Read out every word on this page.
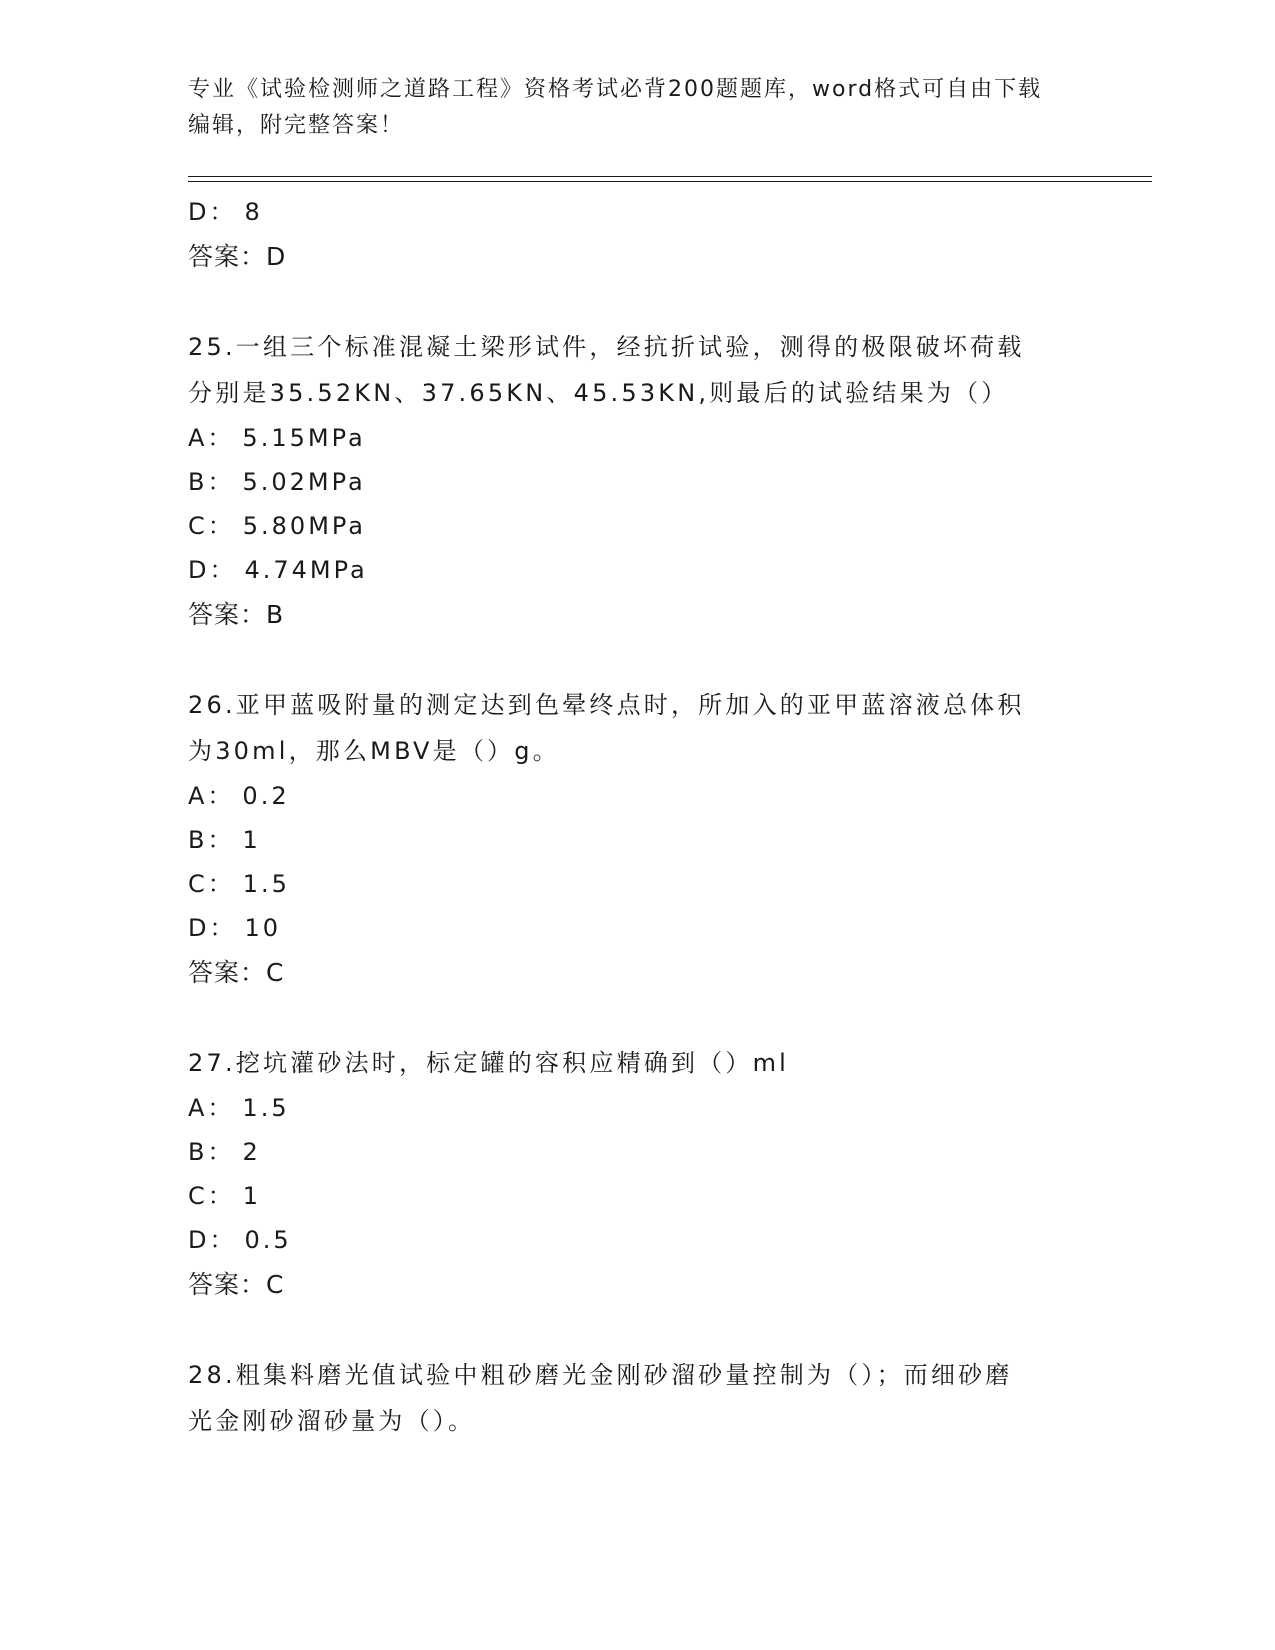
专业《试验检测师之道路工程》资格考试必背200题题库，word格式可自由下载
编辑，附完整答案！
D： 8
答案：D
25.一组三个标准混凝土梁形试件，经抗折试验，测得的极限破坏荷载
分别是35.52KN、37.65KN、45.53KN,则最后的试验结果为（）
A： 5.15MPa
B： 5.02MPa
C： 5.80MPa
D： 4.74MPa
答案：B
26.亚甲蓝吸附量的测定达到色晕终点时，所加入的亚甲蓝溶液总体积
为30ml，那么MBV是（）g。
A： 0.2
B： 1
C： 1.5
D： 10
答案：C
27.挖坑灌砂法时，标定罐的容积应精确到（）ml
A： 1.5
B： 2
C： 1
D： 0.5
答案：C
28.粗集料磨光值试验中粗砂磨光金刚砂溜砂量控制为（）；而细砂磨
光金刚砂溜砂量为（）。
